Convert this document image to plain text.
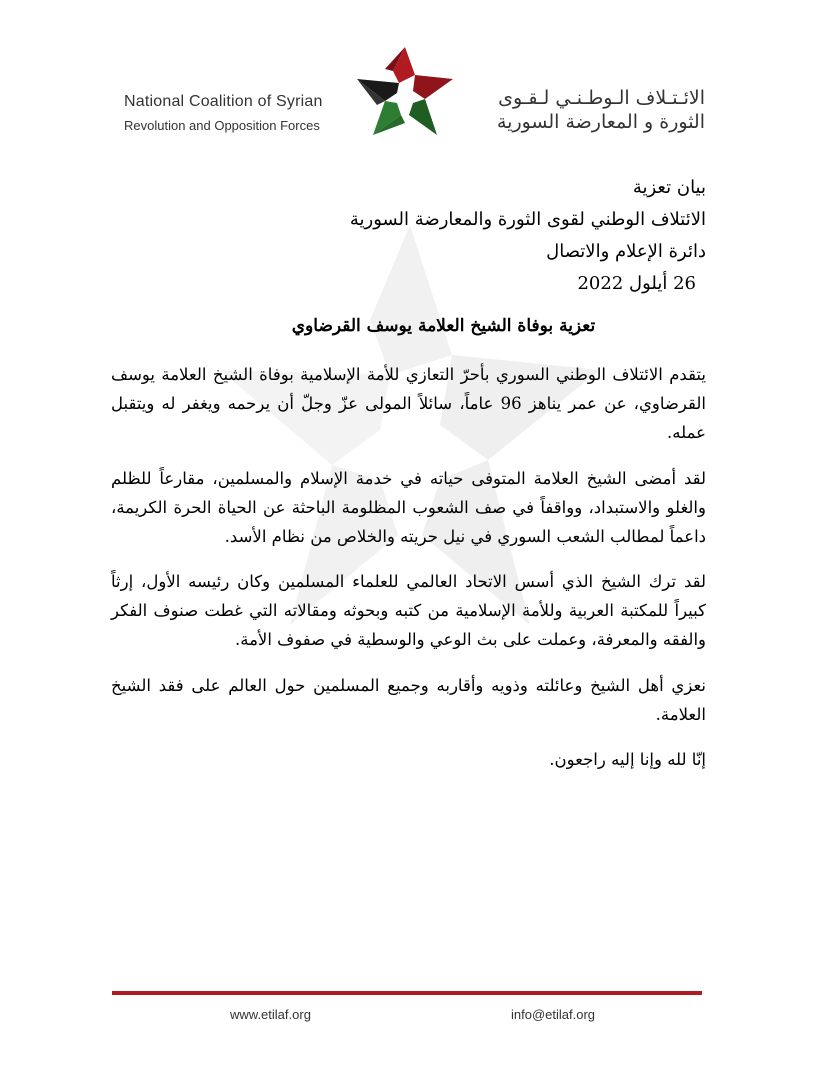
National Coalition of Syrian
Revolution and Opposition Forces
الائـتـلاف الـوطـنـي لـقـوى
الثورة و المعارضة السورية
بيان تعزية
الائتلاف الوطني لقوى الثورة والمعارضة السورية
دائرة الإعلام والاتصال
26 أيلول 2022
تعزية بوفاة الشيخ العلامة يوسف القرضاوي

يتقدم الائتلاف الوطني السوري بأحرّ التعازي للأمة الإسلامية بوفاة الشيخ العلامة يوسف القرضاوي، عن عمر يناهز 96 عاماً، سائلاً المولى عزّ وجلّ أن يرحمه ويغفر له ويتقبل عمله.

لقد أمضى الشيخ العلامة المتوفى حياته في خدمة الإسلام والمسلمين، مقارعاً للظلم والغلو والاستبداد، وواقفاً في صف الشعوب المظلومة الباحثة عن الحياة الحرة الكريمة، داعماً لمطالب الشعب السوري في نيل حريته والخلاص من نظام الأسد.

لقد ترك الشيخ الذي أسس الاتحاد العالمي للعلماء المسلمين وكان رئيسه الأول، إرثاً كبيراً للمكتبة العربية وللأمة الإسلامية من كتبه وبحوثه ومقالاته التي غطت صنوف الفكر والفقه والمعرفة، وعملت على بث الوعي والوسطية في صفوف الأمة.

نعزي أهل الشيخ وعائلته وذويه وأقاربه وجميع المسلمين حول العالم على فقد الشيخ العلامة.

إنّا لله وإنا إليه راجعون.

www.etilaf.org	info@etilaf.org
